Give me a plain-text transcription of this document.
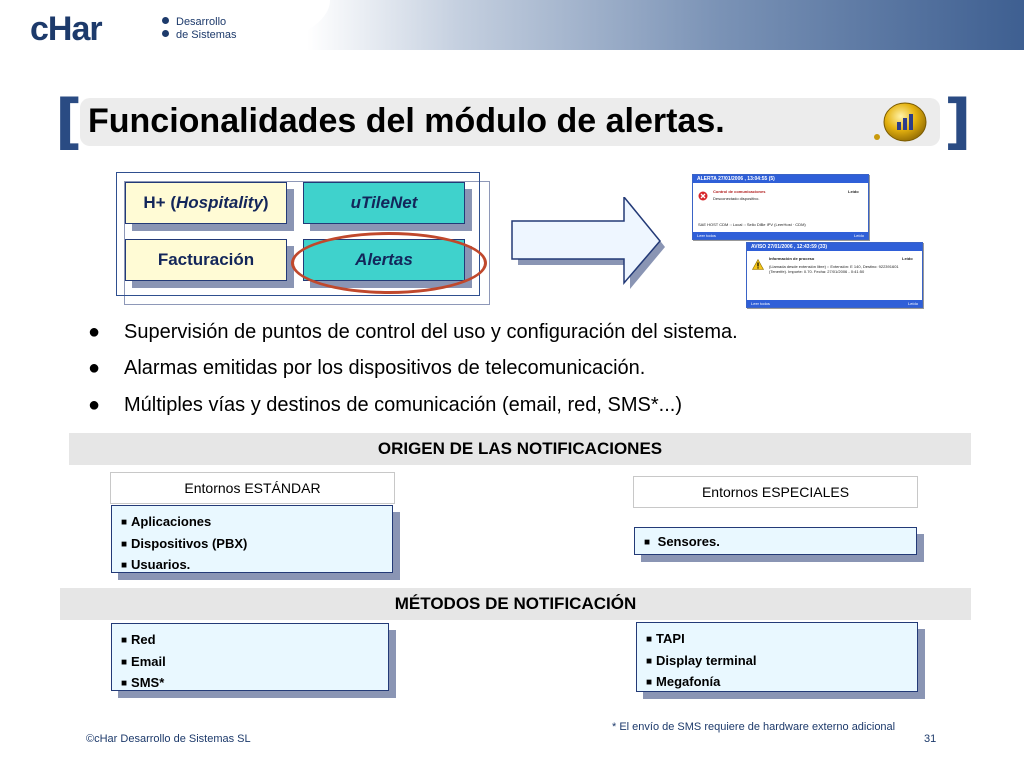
cHar	Desarrollo
de Sistemas
[	]
Funcionalidades del módulo de alertas.
H+ (Hospitality)	uTileNet
Facturación	Alertas
ALERTA 27/01/2006 , 13:04:55 (5)
Control de comunicaciones	Leído
Desconectado dispositivo.
SAE HOST CDM :: Local :: Sello DiBe IPV (LeerHost · CDM)
Leer todos	Leído
AVISO 27/01/2006 , 12:43:59 (33)
Información de proceso	Leído
(Llamada desde extensión libre) :: Extensión: E 140, Destino: 922391601
(Tenerife). Importe: 0.70. Fecha: 27/01/2006 - 0:41:50
Leer todos	Leído
● Supervisión de puntos de control del uso y configuración del sistema.
● Alarmas emitidas por los dispositivos de telecomunicación.
● Múltiples vías y destinos de comunicación (email, red, SMS*...)
ORIGEN DE LAS NOTIFICACIONES
Entornos ESTÁNDAR	Entornos ESPECIALES
■ Aplicaciones
■ Dispositivos (PBX)
■ Usuarios.
■ Sensores.
MÉTODOS DE NOTIFICACIÓN
■ Red
■ Email
■ SMS*
■ TAPI
■ Display terminal
■ Megafonía
* El envío de SMS requiere de hardware externo adicional
©cHar Desarrollo de Sistemas SL	31
